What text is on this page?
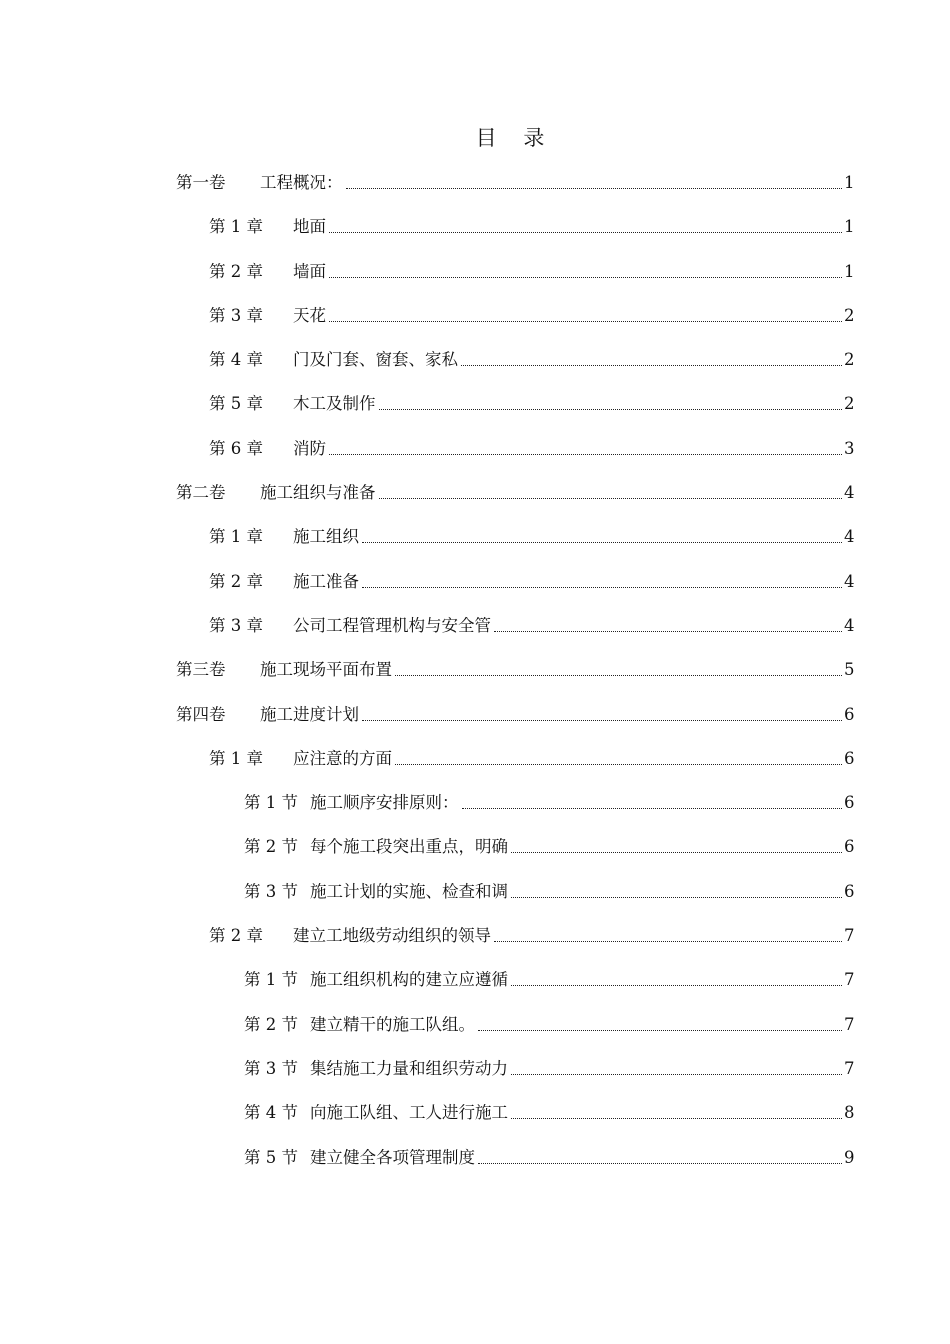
目 录
第一卷	工程概况：	1
第 1 章	地面	1
第 2 章	墙面	1
第 3 章	天花	2
第 4 章	门及门套、窗套、家私	2
第 5 章	木工及制作	2
第 6 章	消防	3
第二卷	施工组织与准备	4
第 1 章	施工组织	4
第 2 章	施工准备	4
第 3 章	公司工程管理机构与安全管	4
第三卷	施工现场平面布置	5
第四卷	施工进度计划	6
第 1 章	应注意的方面	6
第 1 节 施工顺序安排原则：	6
第 2 节 每个施工段突出重点，明确	6
第 3 节 施工计划的实施、检查和调	6
第 2 章	建立工地级劳动组织的领导	7
第 1 节 施工组织机构的建立应遵循	7
第 2 节 建立精干的施工队组。	7
第 3 节 集结施工力量和组织劳动力	7
第 4 节 向施工队组、工人进行施工	8
第 5 节 建立健全各项管理制度	9
